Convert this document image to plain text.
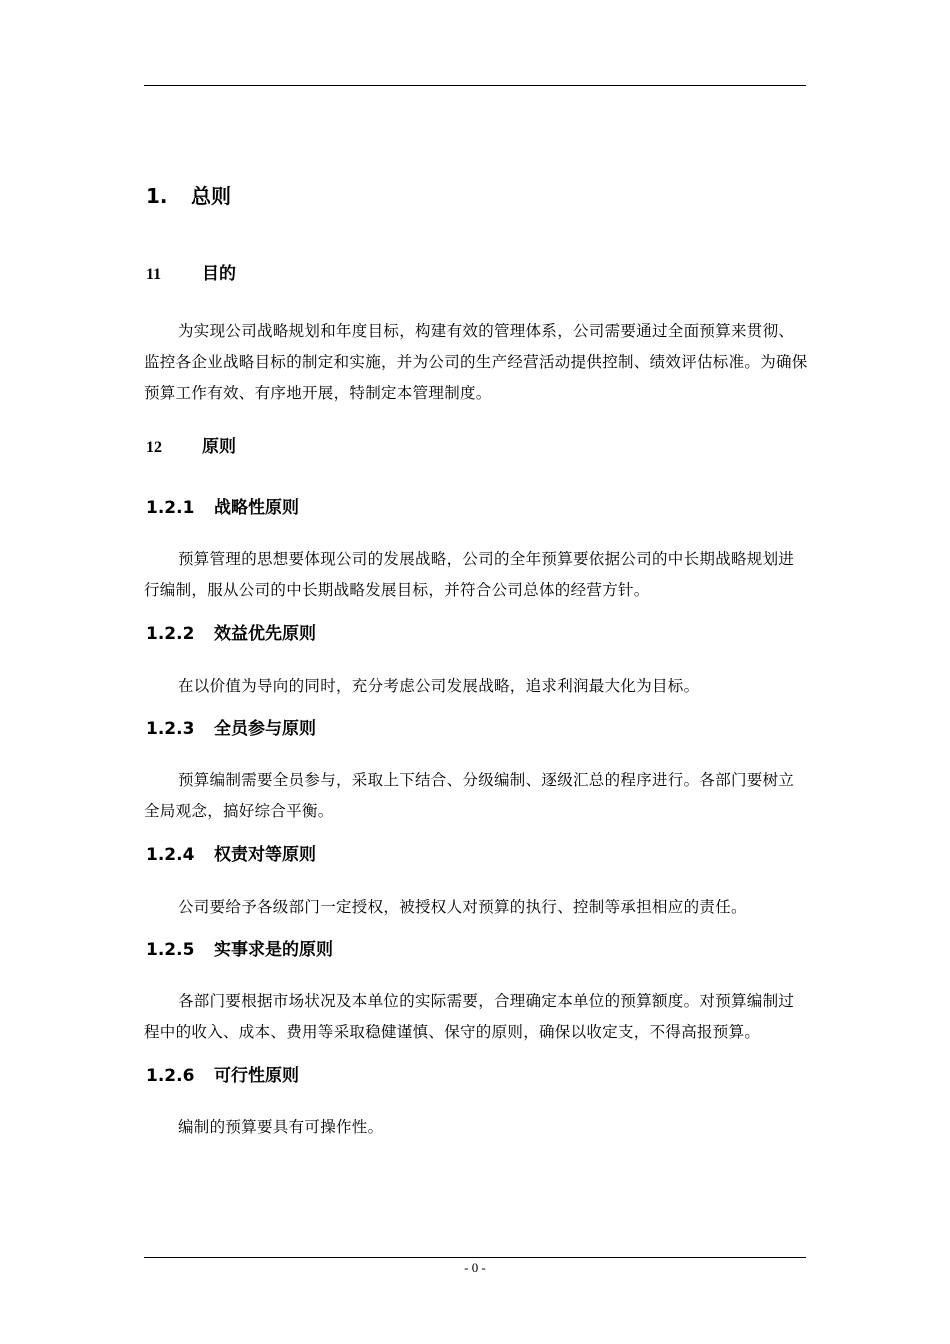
1. 总则
11 目的

为实现公司战略规划和年度目标，构建有效的管理体系，公司需要通过全面预算来贯彻、监控各企业战略目标的制定和实施，并为公司的生产经营活动提供控制、绩效评估标准。为确保预算工作有效、有序地开展，特制定本管理制度。

12 原则
1.2.1 战略性原则

预算管理的思想要体现公司的发展战略，公司的全年预算要依据公司的中长期战略规划进行编制，服从公司的中长期战略发展目标，并符合公司总体的经营方针。

1.2.2 效益优先原则

在以价值为导向的同时，充分考虑公司发展战略，追求利润最大化为目标。

1.2.3 全员参与原则

预算编制需要全员参与，采取上下结合、分级编制、逐级汇总的程序进行。各部门要树立全局观念，搞好综合平衡。

1.2.4 权责对等原则

公司要给予各级部门一定授权，被授权人对预算的执行、控制等承担相应的责任。

1.2.5 实事求是的原则

各部门要根据市场状况及本单位的实际需要，合理确定本单位的预算额度。对预算编制过程中的收入、成本、费用等采取稳健谨慎、保守的原则，确保以收定支，不得高报预算。

1.2.6 可行性原则

编制的预算要具有可操作性。

- 0 -
